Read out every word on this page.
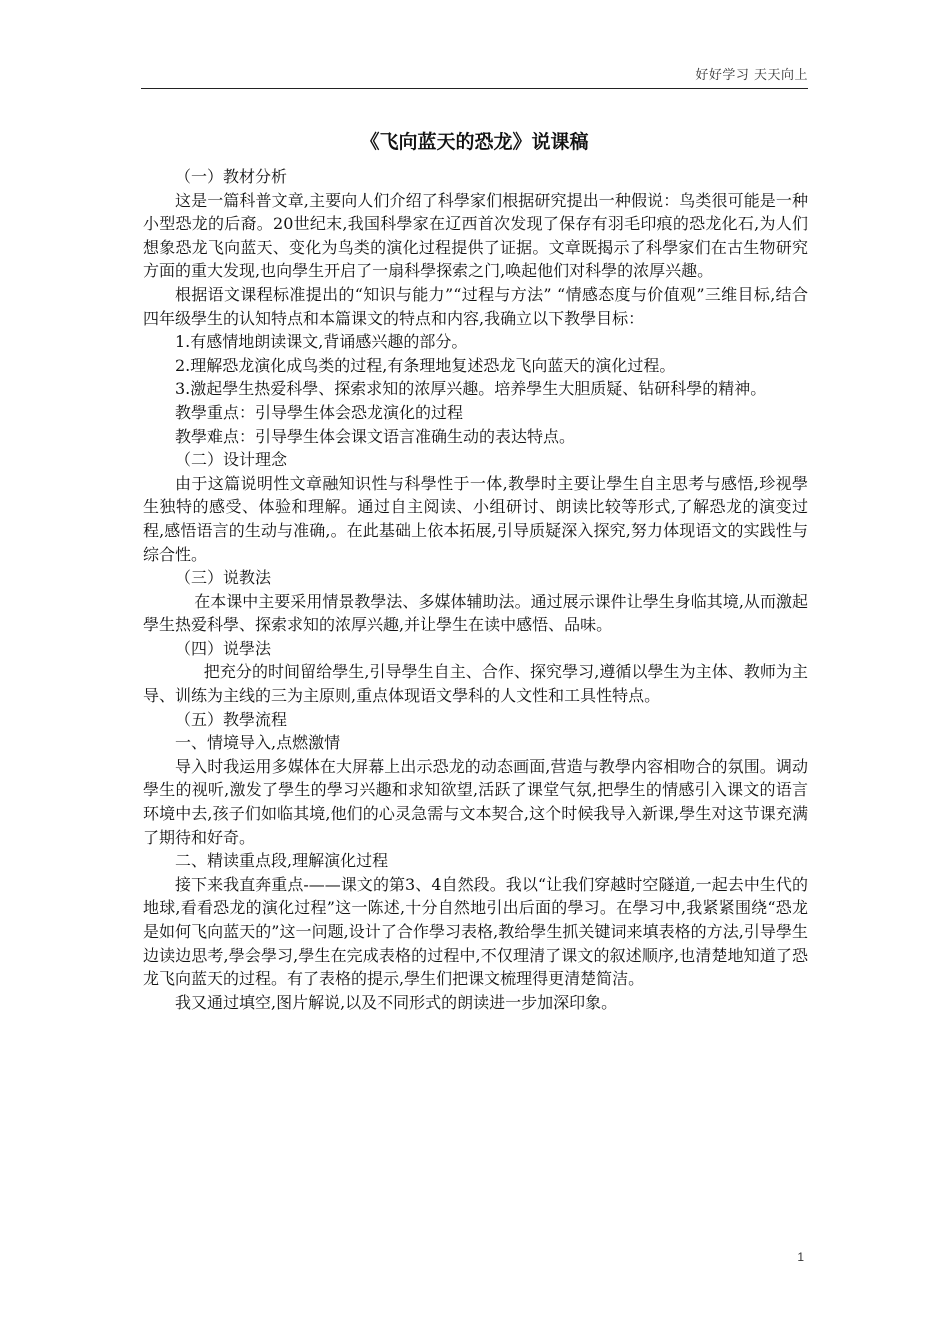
好好学习 天天向上
《飞向蓝天的恐龙》说课稿

（一）教材分析

这是一篇科普文章,主要向人们介绍了科學家们根据研究提出一种假说：鸟类很可能是一种小型恐龙的后裔。20世纪末,我国科學家在辽西首次发现了保存有羽毛印痕的恐龙化石,为人们想象恐龙飞向蓝天、变化为鸟类的演化过程提供了证据。文章既揭示了科學家们在古生物研究方面的重大发现,也向學生开启了一扇科學探索之门,唤起他们对科學的浓厚兴趣。

根据语文课程标准提出的“知识与能力”“过程与方法” “情感态度与价值观”三维目标,结合四年级學生的认知特点和本篇课文的特点和内容,我确立以下教學目标：

1.有感情地朗读课文,背诵感兴趣的部分。

2.理解恐龙演化成鸟类的过程,有条理地复述恐龙飞向蓝天的演化过程。

3.激起學生热爱科學、探索求知的浓厚兴趣。培养學生大胆质疑、钻研科學的精神。

教學重点：引导學生体会恐龙演化的过程

教學难点：引导學生体会课文语言准确生动的表达特点。

（二）设计理念

由于这篇说明性文章融知识性与科學性于一体,教學时主要让學生自主思考与感悟,珍视學生独特的感受、体验和理解。通过自主阅读、小组研讨、朗读比较等形式,了解恐龙的演变过程,感悟语言的生动与准确,。在此基础上依本拓展,引导质疑深入探究,努力体现语文的实践性与综合性。

（三）说教法

在本课中主要采用情景教學法、多媒体辅助法。通过展示课件让學生身临其境,从而激起學生热爱科學、探索求知的浓厚兴趣,并让學生在读中感悟、品味。

（四）说學法

把充分的时间留给學生,引导學生自主、合作、探究學习,遵循以學生为主体、教师为主导、训练为主线的三为主原则,重点体现语文學科的人文性和工具性特点。

（五）教學流程

一、情境导入,点燃激情

导入时我运用多媒体在大屏幕上出示恐龙的动态画面,营造与教學内容相吻合的氛围。调动學生的视听,激发了學生的學习兴趣和求知欲望,活跃了课堂气氛,把學生的情感引入课文的语言环境中去,孩子们如临其境,他们的心灵急需与文本契合,这个时候我导入新课,學生对这节课充满了期待和好奇。

二、精读重点段,理解演化过程

接下来我直奔重点-——课文的第3、4自然段。我以“让我们穿越时空隧道,一起去中生代的地球,看看恐龙的演化过程”这一陈述,十分自然地引出后面的學习。在學习中,我紧紧围绕“恐龙是如何飞向蓝天的”这一问题,设计了合作學习表格,教给學生抓关键词来填表格的方法,引导學生边读边思考,學会學习,學生在完成表格的过程中,不仅理清了课文的叙述顺序,也清楚地知道了恐龙飞向蓝天的过程。有了表格的提示,學生们把课文梳理得更清楚简洁。

我又通过填空,图片解说,以及不同形式的朗读进一步加深印象。

1
